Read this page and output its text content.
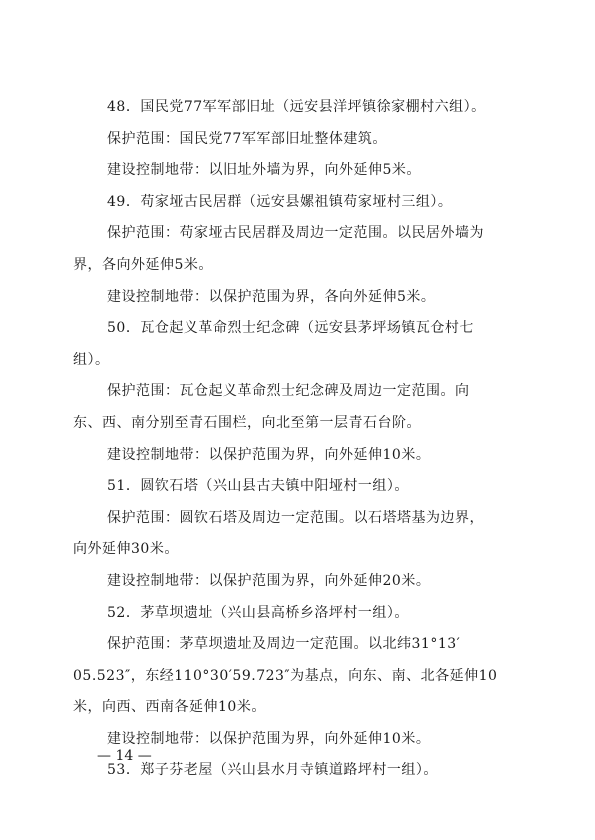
48．国民党77军军部旧址（远安县洋坪镇徐家棚村六组）。
保护范围：国民党77军军部旧址整体建筑。
建设控制地带：以旧址外墙为界，向外延伸5米。
49．苟家垭古民居群（远安县嫘祖镇苟家垭村三组）。
保护范围：苟家垭古民居群及周边一定范围。以民居外墙为
界，各向外延伸5米。
建设控制地带：以保护范围为界，各向外延伸5米。
50．瓦仓起义革命烈士纪念碑（远安县茅坪场镇瓦仓村七
组）。
保护范围：瓦仓起义革命烈士纪念碑及周边一定范围。向
东、西、南分别至青石围栏，向北至第一层青石台阶。
建设控制地带：以保护范围为界，向外延伸10米。
51．圆钦石塔（兴山县古夫镇中阳垭村一组）。
保护范围：圆钦石塔及周边一定范围。以石塔塔基为边界，
向外延伸30米。
建设控制地带：以保护范围为界，向外延伸20米。
52．茅草坝遗址（兴山县高桥乡洛坪村一组）。
保护范围：茅草坝遗址及周边一定范围。以北纬31°13′
05.523″，东经110°30′59.723″为基点，向东、南、北各延伸10
米，向西、西南各延伸10米。
建设控制地带：以保护范围为界，向外延伸10米。
53．郑子芬老屋（兴山县水月寺镇道路坪村一组）。
— 14 —
